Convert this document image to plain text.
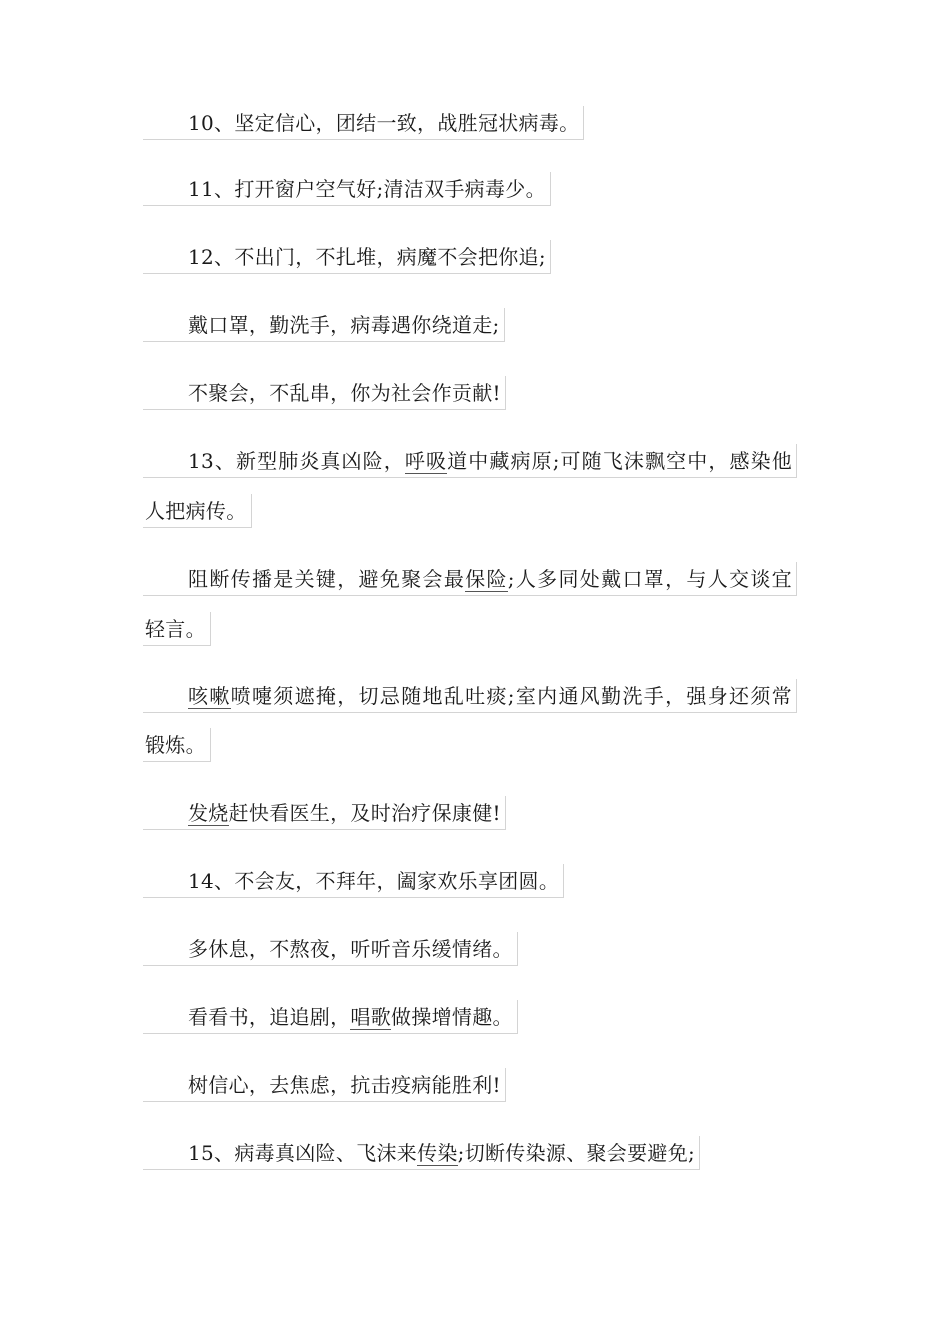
10、坚定信心，团结一致，战胜冠状病毒。
11、打开窗户空气好;清洁双手病毒少。
12、不出门，不扎堆，病魔不会把你追;
戴口罩，勤洗手，病毒遇你绕道走;
不聚会，不乱串，你为社会作贡献!
13、新型肺炎真凶险，呼吸道中藏病原;可随飞沫飘空中，感染他
人把病传。
阻断传播是关键，避免聚会最保险;人多同处戴口罩，与人交谈宜
轻言。
咳嗽喷嚏须遮掩，切忌随地乱吐痰;室内通风勤洗手，强身还须常
锻炼。
发烧赶快看医生，及时治疗保康健!
14、不会友，不拜年，阖家欢乐享团圆。
多休息，不熬夜，听听音乐缓情绪。
看看书，追追剧，唱歌做操增情趣。
树信心，去焦虑，抗击疫病能胜利!
15、病毒真凶险、飞沫来传染;切断传染源、聚会要避免;
